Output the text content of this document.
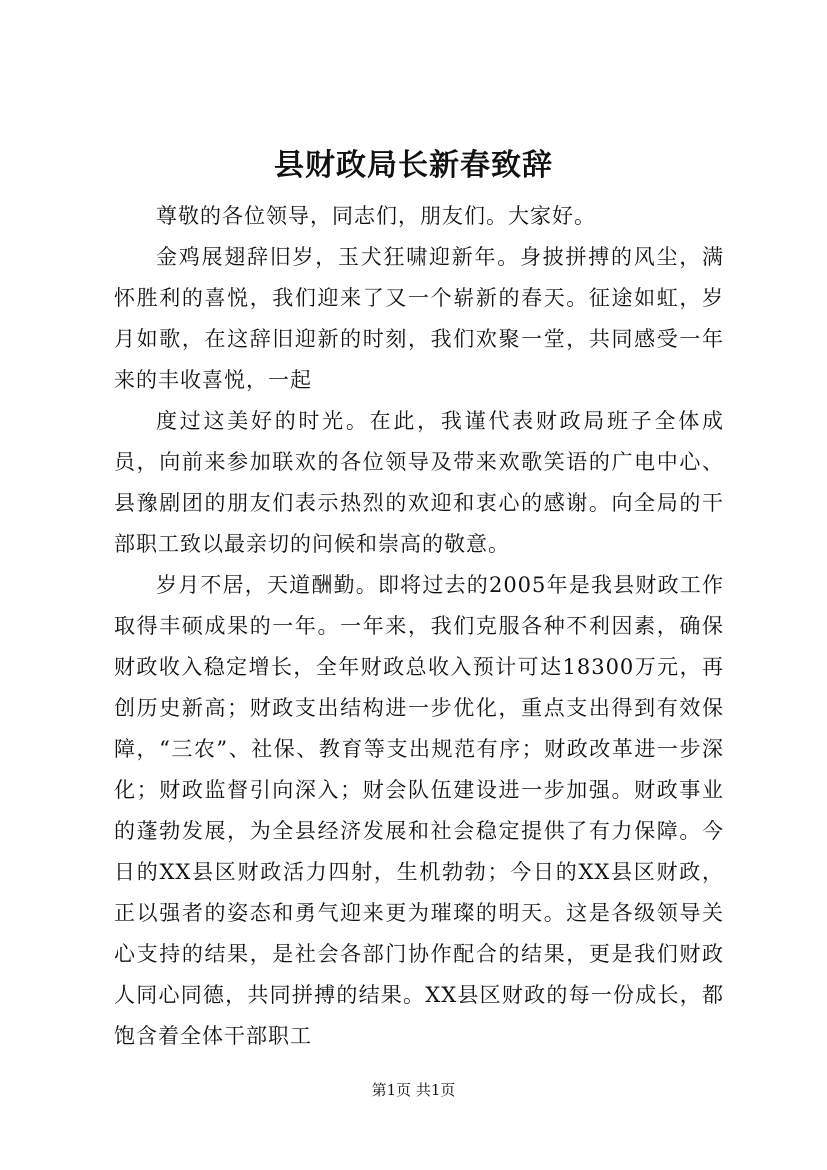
县财政局长新春致辞

尊敬的各位领导，同志们，朋友们。大家好。

金鸡展翅辞旧岁，玉犬狂啸迎新年。身披拼搏的风尘，满怀胜利的喜悦，我们迎来了又一个崭新的春天。征途如虹，岁月如歌，在这辞旧迎新的时刻，我们欢聚一堂，共同感受一年来的丰收喜悦，一起

度过这美好的时光。在此，我谨代表财政局班子全体成员，向前来参加联欢的各位领导及带来欢歌笑语的广电中心、县豫剧团的朋友们表示热烈的欢迎和衷心的感谢。向全局的干部职工致以最亲切的问候和崇高的敬意。

岁月不居，天道酬勤。即将过去的2005年是我县财政工作取得丰硕成果的一年。一年来，我们克服各种不利因素，确保财政收入稳定增长，全年财政总收入预计可达18300万元，再创历史新高；财政支出结构进一步优化，重点支出得到有效保障，“三农”、社保、教育等支出规范有序；财政改革进一步深化；财政监督引向深入；财会队伍建设进一步加强。财政事业的蓬勃发展，为全县经济发展和社会稳定提供了有力保障。今日的XX县区财政活力四射，生机勃勃；今日的XX县区财政，正以强者的姿态和勇气迎来更为璀璨的明天。这是各级领导关心支持的结果，是社会各部门协作配合的结果，更是我们财政人同心同德，共同拼搏的结果。XX县区财政的每一份成长，都饱含着全体干部职工

第1页 共1页
